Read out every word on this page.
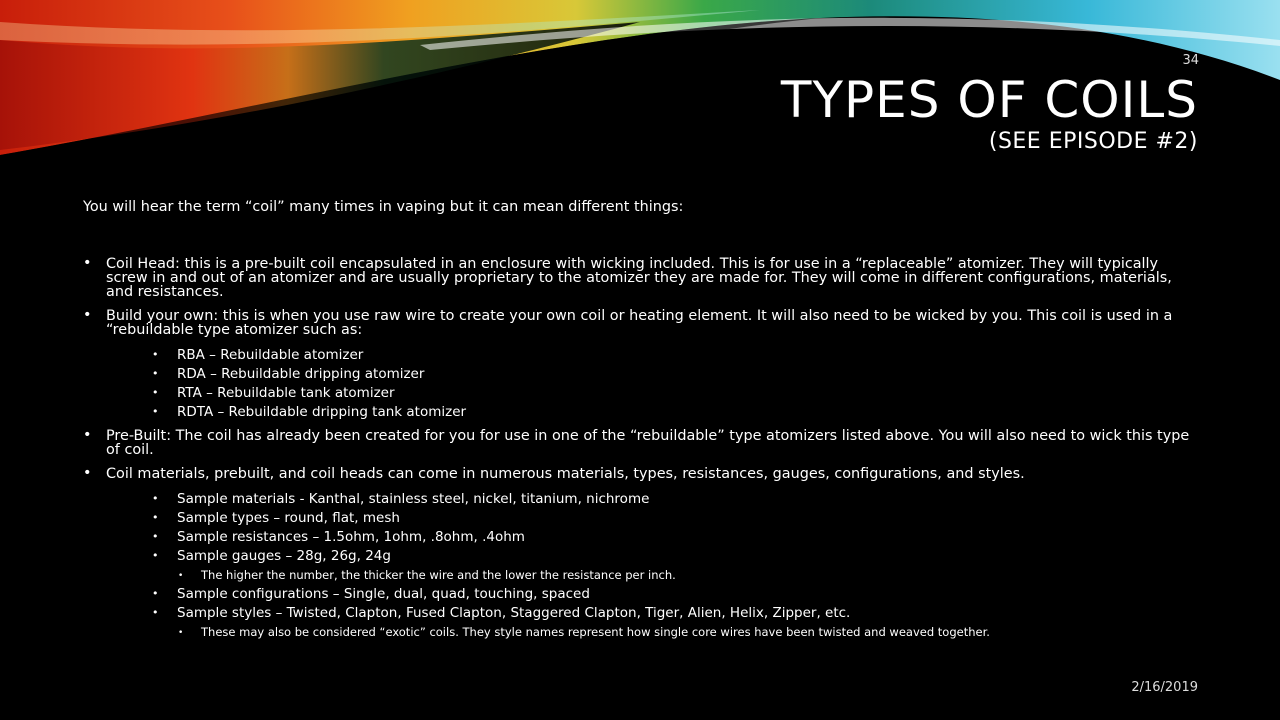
34
TYPES OF COILS
(SEE EPISODE #2)

You will hear the term “coil” many times in vaping but it can mean different things:

• Coil Head: this is a pre-built coil encapsulated in an enclosure with wicking included. This is for use in a “replaceable” atomizer. They will typically screw in and out of an atomizer and are usually proprietary to the atomizer they are made for. They will come in different configurations, materials, and resistances.
• Build your own: this is when you use raw wire to create your own coil or heating element. It will also need to be wicked by you. This coil is used in a “rebuildable type atomizer such as:
• RBA – Rebuildable atomizer
• RDA – Rebuildable dripping atomizer
• RTA – Rebuildable tank atomizer
• RDTA – Rebuildable dripping tank atomizer
• Pre-Built: The coil has already been created for you for use in one of the “rebuildable” type atomizers listed above. You will also need to wick this type of coil.
• Coil materials, prebuilt, and coil heads can come in numerous materials, types, resistances, gauges, configurations, and styles.
• Sample materials - Kanthal, stainless steel, nickel, titanium, nichrome
• Sample types – round, flat, mesh
• Sample resistances – 1.5ohm, 1ohm, .8ohm, .4ohm
• Sample gauges – 28g, 26g, 24g
• The higher the number, the thicker the wire and the lower the resistance per inch.
• Sample configurations – Single, dual, quad, touching, spaced
• Sample styles – Twisted, Clapton, Fused Clapton, Staggered Clapton, Tiger, Alien, Helix, Zipper, etc.
• These may also be considered “exotic” coils. They style names represent how single core wires have been twisted and weaved together.
2/16/2019
